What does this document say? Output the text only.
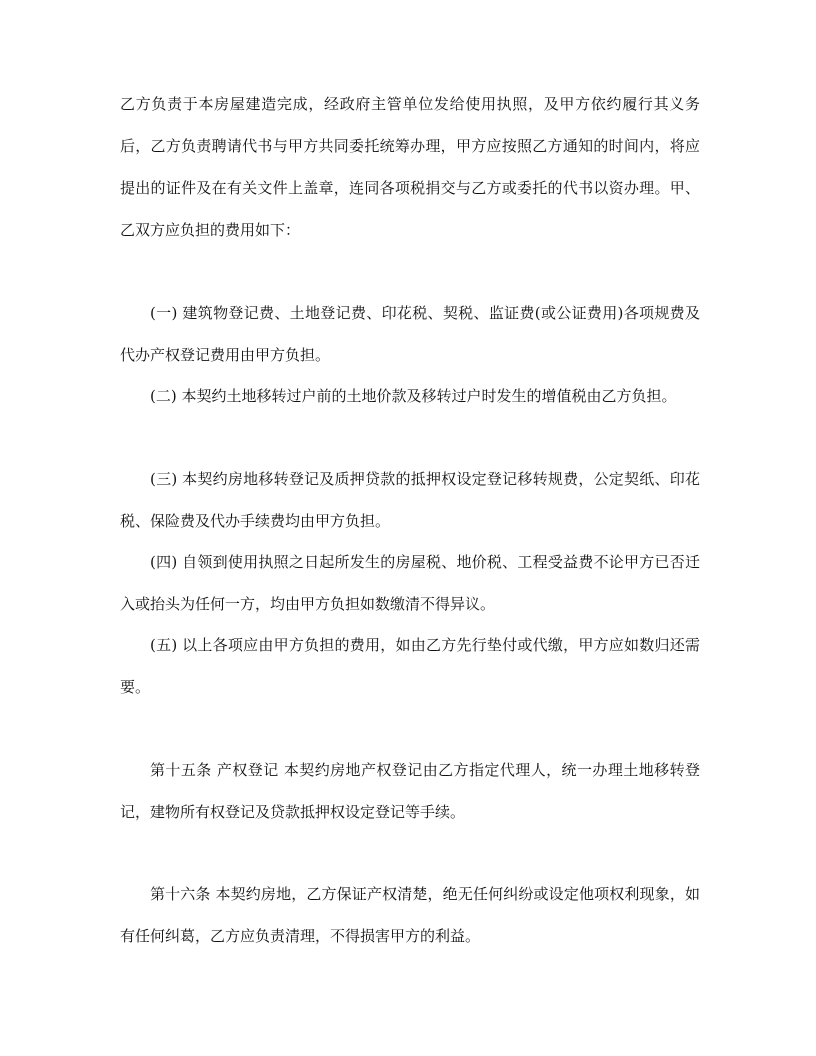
乙方负责于本房屋建造完成，经政府主管单位发给使用执照，及甲方依约履行其义务后，乙方负责聘请代书与甲方共同委托统筹办理，甲方应按照乙方通知的时间内，将应提出的证件及在有关文件上盖章，连同各项税捐交与乙方或委托的代书以资办理。甲、乙双方应负担的费用如下：

(一) 建筑物登记费、土地登记费、印花税、契税、监证费(或公证费用)各项规费及代办产权登记费用由甲方负担。

(二) 本契约土地移转过户前的土地价款及移转过户时发生的增值税由乙方负担。

(三) 本契约房地移转登记及质押贷款的抵押权设定登记移转规费，公定契纸、印花税、保险费及代办手续费均由甲方负担。

(四) 自领到使用执照之日起所发生的房屋税、地价税、工程受益费不论甲方已否迁入或抬头为任何一方，均由甲方负担如数缴清不得异议。

(五) 以上各项应由甲方负担的费用，如由乙方先行垫付或代缴，甲方应如数归还需要。

第十五条 产权登记 本契约房地产权登记由乙方指定代理人，统一办理土地移转登记，建物所有权登记及贷款抵押权设定登记等手续。

第十六条 本契约房地，乙方保证产权清楚，绝无任何纠纷或设定他项权利现象，如有任何纠葛，乙方应负责清理，不得损害甲方的利益。
